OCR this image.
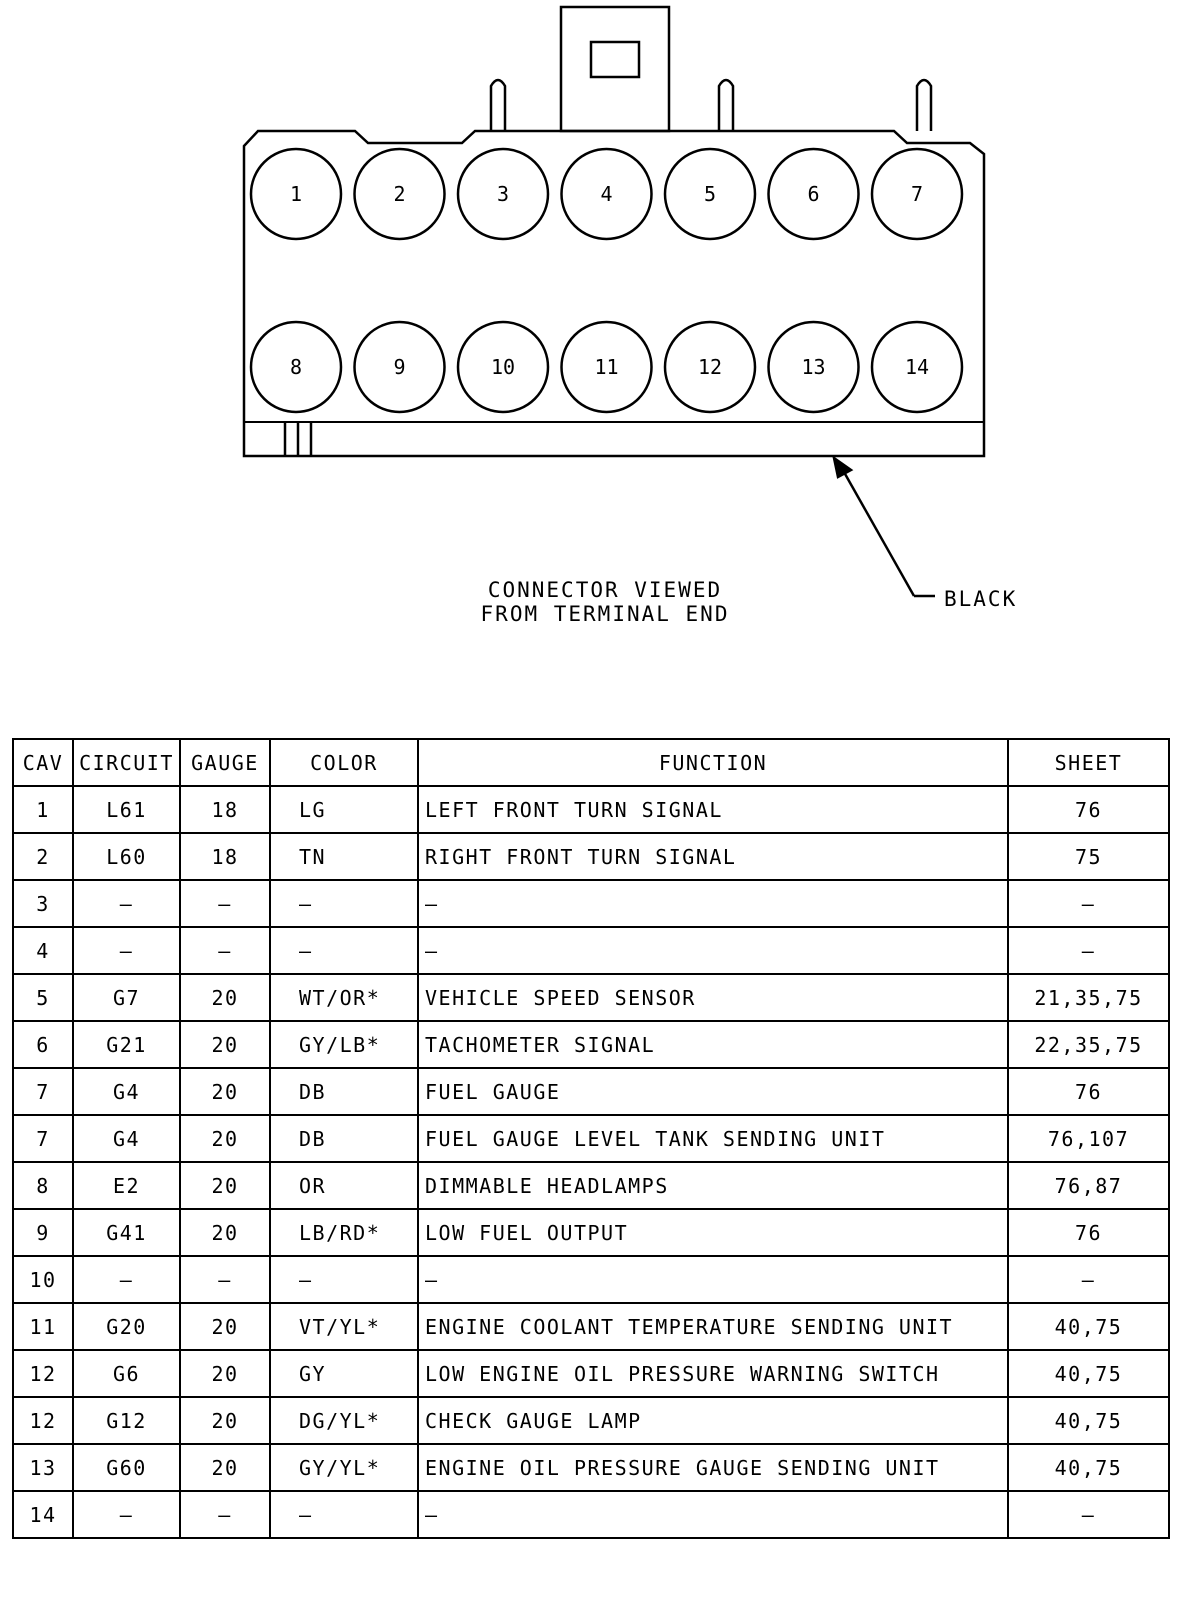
1	2	3	4	5	6	7
8	9	10	11	12	13	14
CONNECTOR VIEWED
FROM TERMINAL END
BLACK
CAV	CIRCUIT	GAUGE	COLOR	FUNCTION	SHEET
1	L61	18	LG	LEFT FRONT TURN SIGNAL	76
2	L60	18	TN	RIGHT FRONT TURN SIGNAL	75
3	—	—	—	—	—
4	—	—	—	—	—
5	G7	20	WT/OR*	VEHICLE SPEED SENSOR	21,35,75
6	G21	20	GY/LB*	TACHOMETER SIGNAL	22,35,75
7	G4	20	DB	FUEL GAUGE	76
7	G4	20	DB	FUEL GAUGE LEVEL TANK SENDING UNIT	76,107
8	E2	20	OR	DIMMABLE HEADLAMPS	76,87
9	G41	20	LB/RD*	LOW FUEL OUTPUT	76
10	—	—	—	—	—
11	G20	20	VT/YL*	ENGINE COOLANT TEMPERATURE SENDING UNIT	40,75
12	G6	20	GY	LOW ENGINE OIL PRESSURE WARNING SWITCH	40,75
12	G12	20	DG/YL*	CHECK GAUGE LAMP	40,75
13	G60	20	GY/YL*	ENGINE OIL PRESSURE GAUGE SENDING UNIT	40,75
14	—	—	—	—	—
